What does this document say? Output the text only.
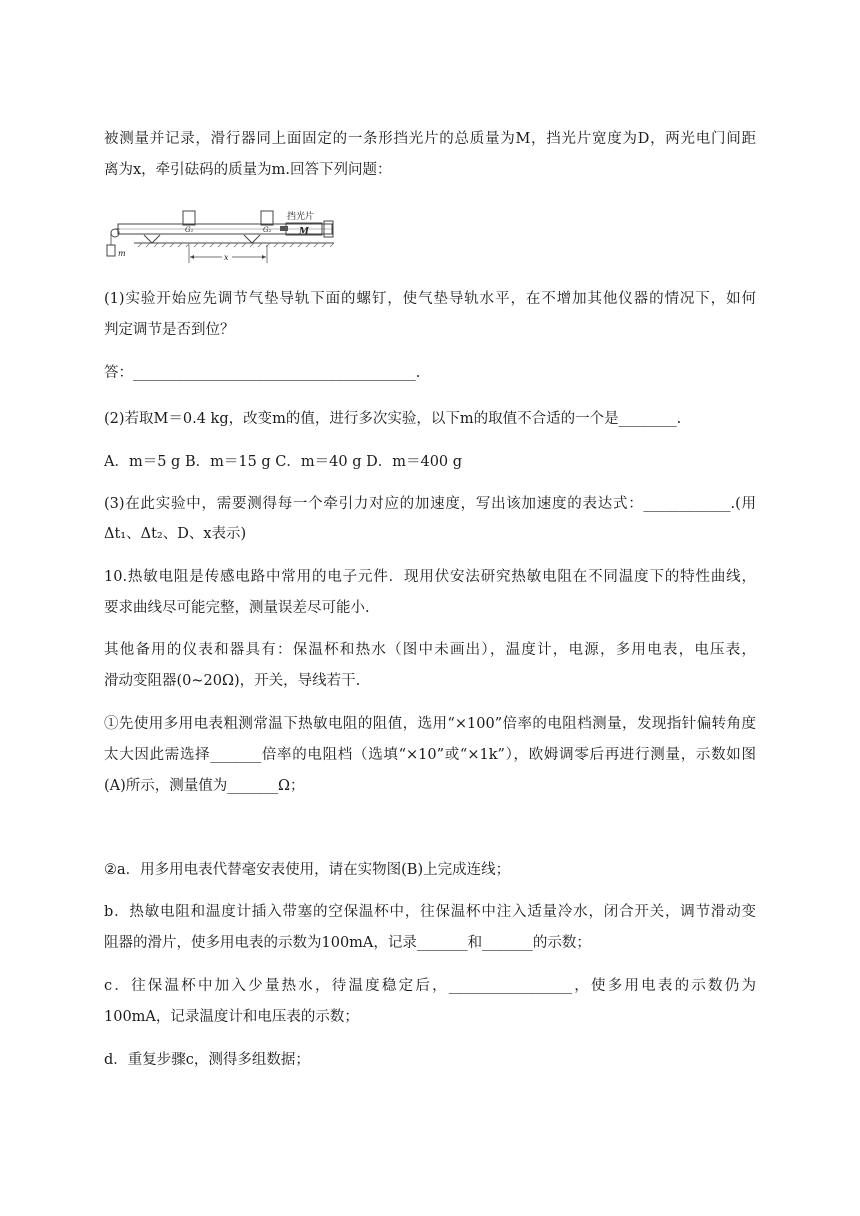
被测量并记录，滑行器同上面固定的一条形挡光片的总质量为M，挡光片宽度为D，两光电门间距
离为x，牵引砝码的质量为m.回答下列问题：
G₁	G₂	M
挡光片
m	x
(1)实验开始应先调节气垫导轨下面的螺钉，使气垫导轨水平，在不增加其他仪器的情况下，如何
判定调节是否到位？
答：_______________________________________.
(2)若取M＝0.4 kg，改变m的值，进行多次实验，以下m的取值不合适的一个是________.
A．m＝5 g B．m＝15 g C．m＝40 g D．m＝400 g
(3)在此实验中，需要测得每一个牵引力对应的加速度，写出该加速度的表达式：____________.(用
Δt₁、Δt₂、D、x表示)
10.热敏电阻是传感电路中常用的电子元件．现用伏安法研究热敏电阻在不同温度下的特性曲线，
要求曲线尽可能完整，测量误差尽可能小.
其他备用的仪表和器具有：保温杯和热水（图中未画出），温度计，电源，多用电表，电压表，
滑动变阻器(0~20Ω)，开关，导线若干.
①先使用多用电表粗测常温下热敏电阻的阻值，选用“×100”倍率的电阻档测量，发现指针偏转角度
太大因此需选择_______倍率的电阻档（选填“×10”或“×1k”），欧姆调零后再进行测量，示数如图
(A)所示，测量值为_______Ω；
②a．用多用电表代替毫安表使用，请在实物图(B)上完成连线；
b．热敏电阻和温度计插入带塞的空保温杯中，往保温杯中注入适量冷水，闭合开关，调节滑动变
阻器的滑片，使多用电表的示数为100mA，记录_______和_______的示数；
c．往保温杯中加入少量热水，待温度稳定后，_________________，使多用电表的示数仍为
100mA，记录温度计和电压表的示数；
d．重复步骤c，测得多组数据；
